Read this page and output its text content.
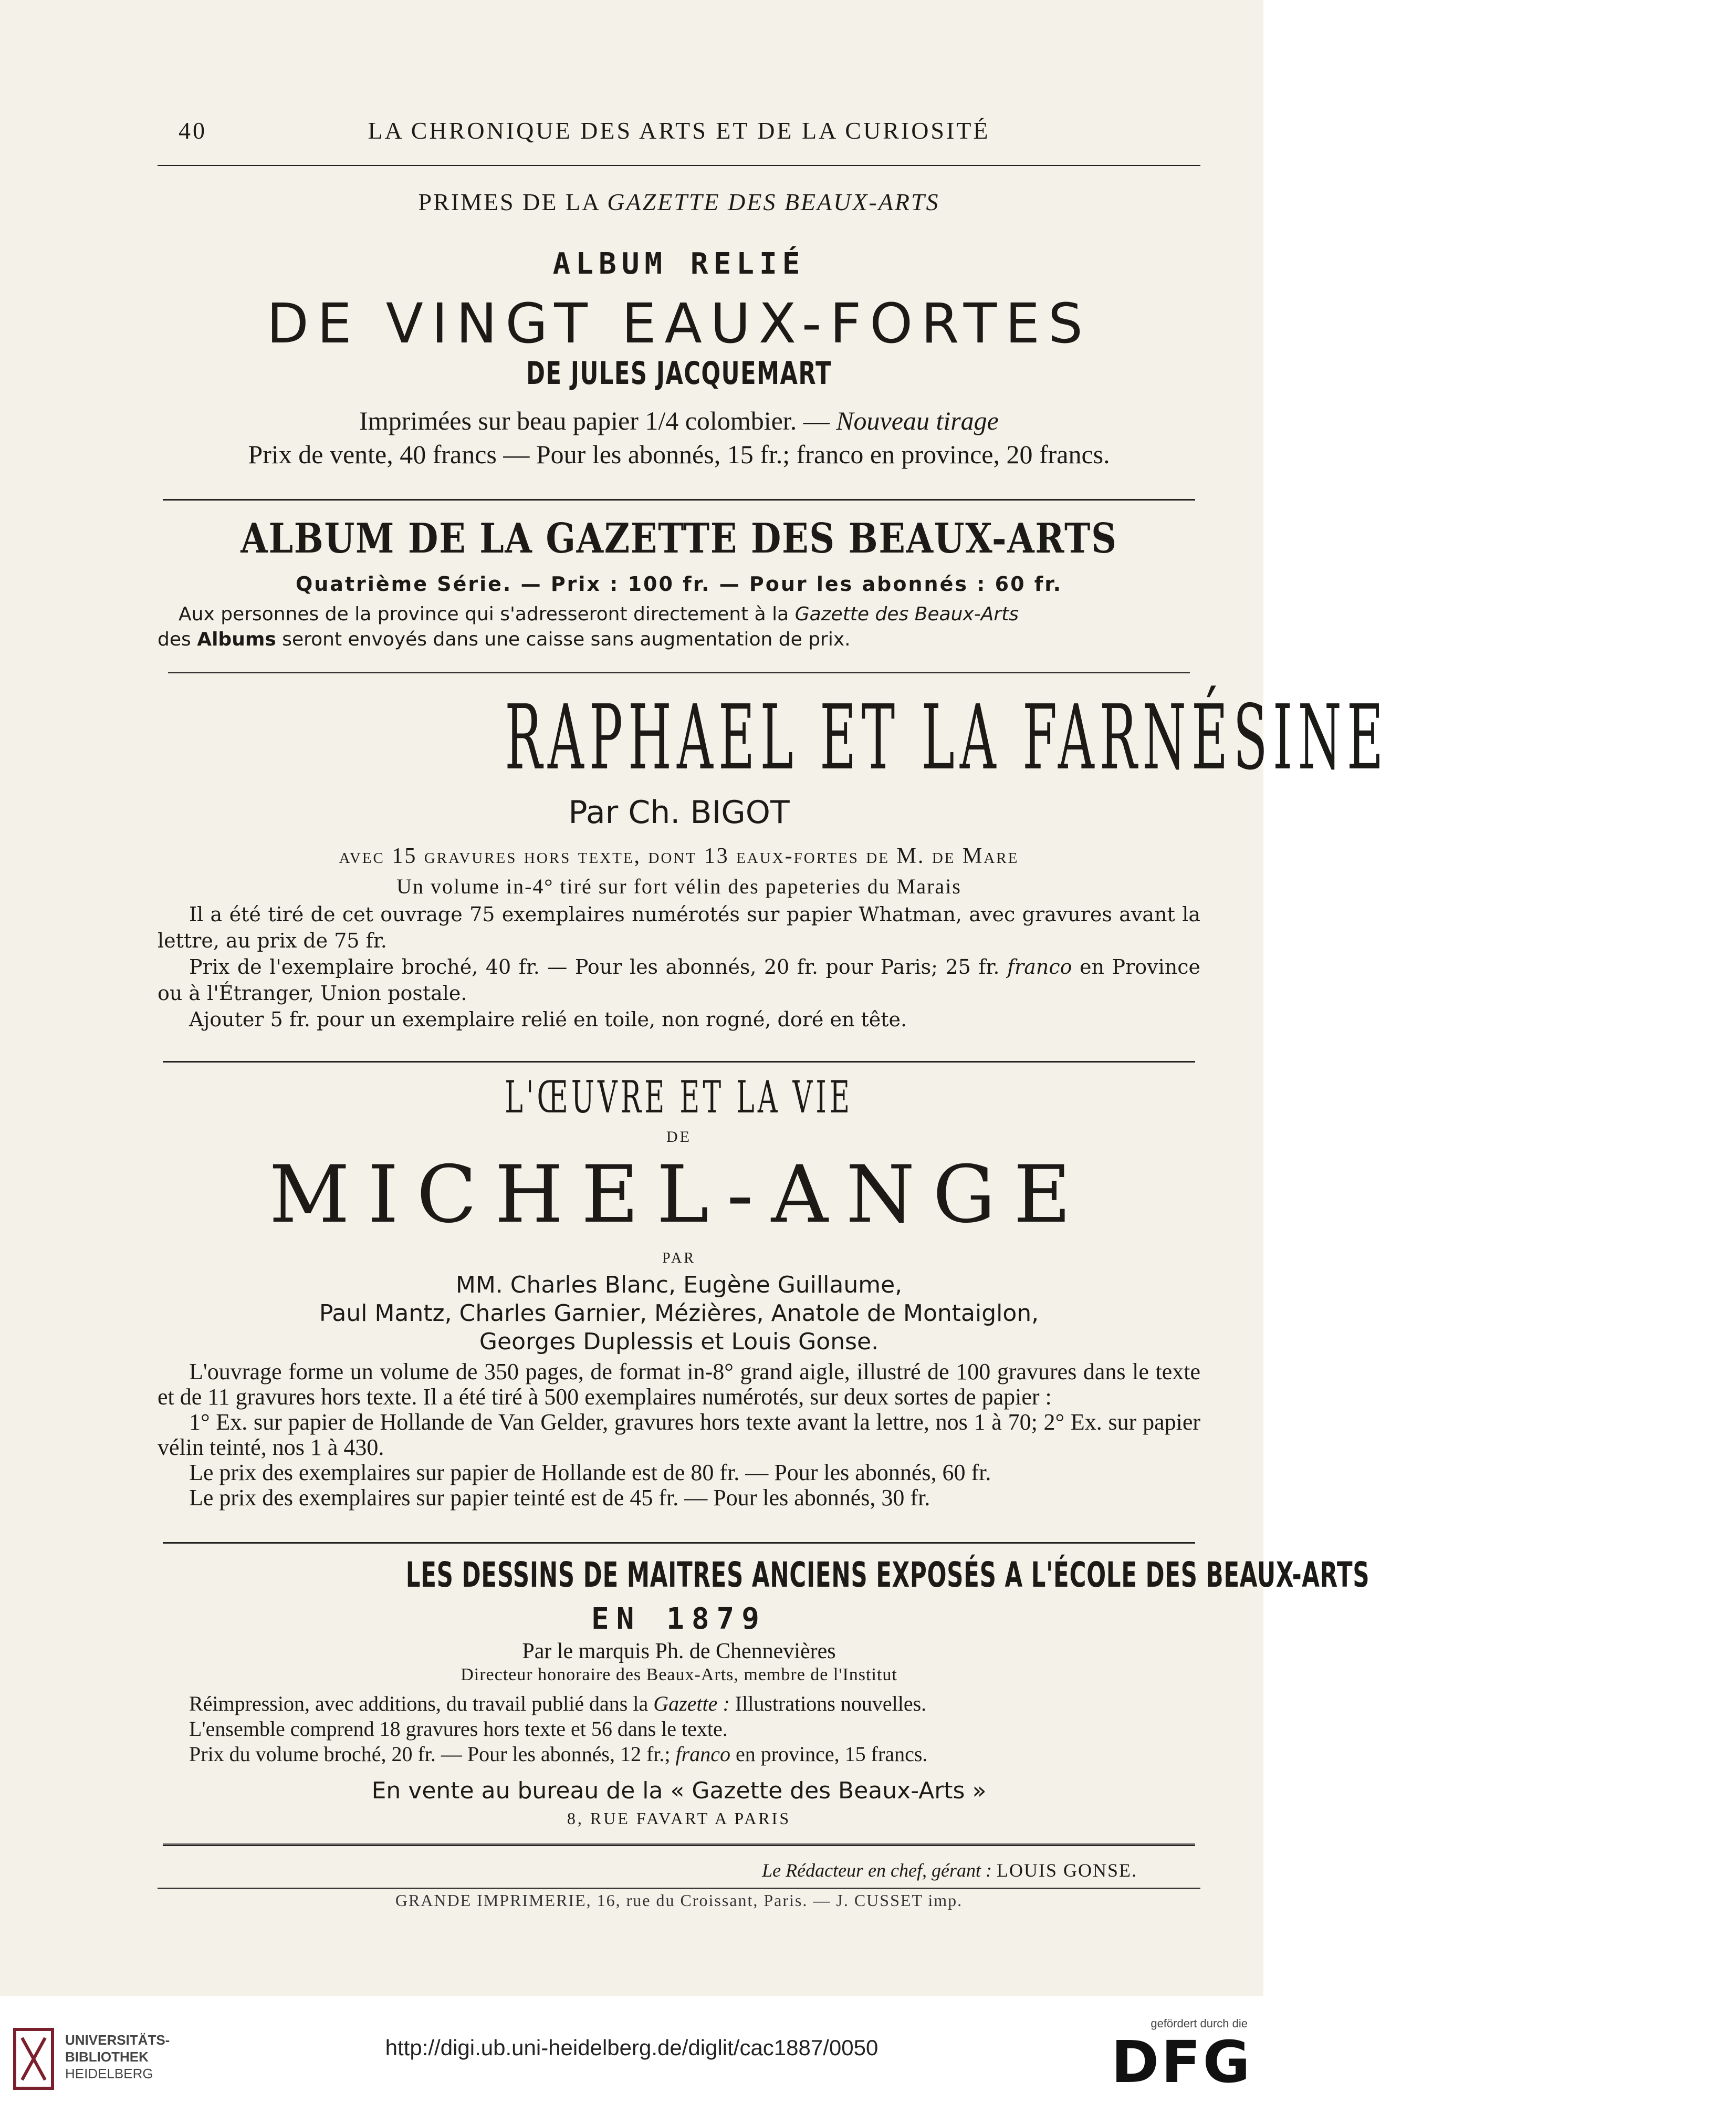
40	LA CHRONIQUE DES ARTS ET DE LA CURIOSITÉ
PRIMES DE LA GAZETTE DES BEAUX-ARTS
ALBUM RELIÉ
DE VINGT EAUX-FORTES
DE JULES JACQUEMART
Imprimées sur beau papier 1/4 colombier. — Nouveau tirage
Prix de vente, 40 francs — Pour les abonnés, 15 fr.; franco en province, 20 francs.
ALBUM DE LA GAZETTE DES BEAUX-ARTS
Quatrième Série. — Prix : 100 fr. — Pour les abonnés : 60 fr.
Aux personnes de la province qui s'adresseront directement à la Gazette des Beaux-Arts
des Albums seront envoyés dans une caisse sans augmentation de prix.
RAPHAEL ET LA FARNÉSINE
Par Ch. BIGOT
avec 15 gravures hors texte, dont 13 eaux-fortes de M. de Mare
Un volume in-4° tiré sur fort vélin des papeteries du Marais

Il a été tiré de cet ouvrage 75 exemplaires numérotés sur papier Whatman, avec gravures avant la lettre, au prix de 75 fr.

Prix de l'exemplaire broché, 40 fr. — Pour les abonnés, 20 fr. pour Paris; 25 fr. franco en Province ou à l'Étranger, Union postale.

Ajouter 5 fr. pour un exemplaire relié en toile, non rogné, doré en tête.

L'ŒUVRE ET LA VIE
DE
MICHEL-ANGE
PAR
MM. Charles Blanc, Eugène Guillaume,
Paul Mantz, Charles Garnier, Mézières, Anatole de Montaiglon,
Georges Duplessis et Louis Gonse.

L'ouvrage forme un volume de 350 pages, de format in-8° grand aigle, illustré de 100 gravures dans le texte et de 11 gravures hors texte. Il a été tiré à 500 exemplaires numérotés, sur deux sortes de papier :

1° Ex. sur papier de Hollande de Van Gelder, gravures hors texte avant la lettre, nos 1 à 70; 2° Ex. sur papier vélin teinté, nos 1 à 430.

Le prix des exemplaires sur papier de Hollande est de 80 fr. — Pour les abonnés, 60 fr.

Le prix des exemplaires sur papier teinté est de 45 fr. — Pour les abonnés, 30 fr.

LES DESSINS DE MAITRES ANCIENS EXPOSÉS A L'ÉCOLE DES BEAUX-ARTS
EN 1879
Par le marquis Ph. de Chennevières
Directeur honoraire des Beaux-Arts, membre de l'Institut

Réimpression, avec additions, du travail publié dans la Gazette : Illustrations nouvelles.

L'ensemble comprend 18 gravures hors texte et 56 dans le texte.

Prix du volume broché, 20 fr. — Pour les abonnés, 12 fr.; franco en province, 15 francs.

En vente au bureau de la « Gazette des Beaux-Arts »
8, RUE FAVART A PARIS
Le Rédacteur en chef, gérant : LOUIS GONSE.
GRANDE IMPRIMERIE, 16, rue du Croissant, Paris. — J. CUSSET imp.
UNIVERSITÄTS-
BIBLIOTHEK
HEIDELBERG
http://digi.ub.uni-heidelberg.de/diglit/cac1887/0050
gefördert durch die
DFG
